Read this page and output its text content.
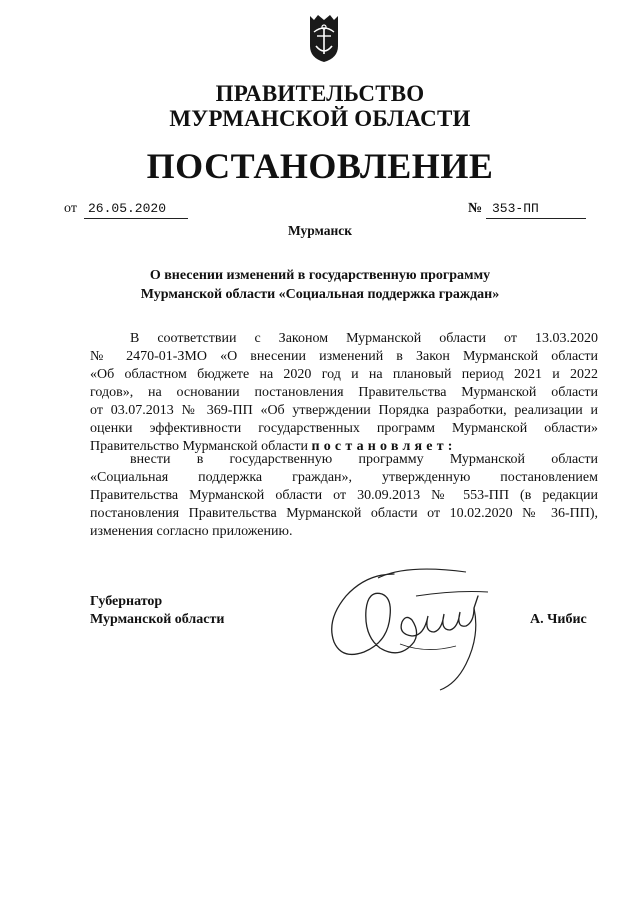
ПРАВИТЕЛЬСТВО
МУРМАНСКОЙ ОБЛАСТИ
ПОСТАНОВЛЕНИЕ
от 26.05.2020	№ 353-ПП
Мурманск
О внесении изменений в государственную программу
Мурманской области «Социальная поддержка граждан»
В соответствии с Законом Мурманской области от 13.03.2020
№ 2470-01-ЗМО «О внесении изменений в Закон Мурманской области
«Об областном бюджете на 2020 год и на плановый период 2021 и 2022
годов», на основании постановления Правительства Мурманской области
от 03.07.2013 № 369-ПП «Об утверждении Порядка разработки, реализации и
оценки эффективности государственных программ Мурманской области»
Правительство Мурманской области постановляет:
внести в государственную программу Мурманской области
«Социальная поддержка граждан», утвержденную постановлением
Правительства Мурманской области от 30.09.2013 № 553-ПП (в редакции
постановления Правительства Мурманской области от 10.02.2020 № 36-ПП),
изменения согласно приложению.
Губернатор
Мурманской области	А. Чибис
